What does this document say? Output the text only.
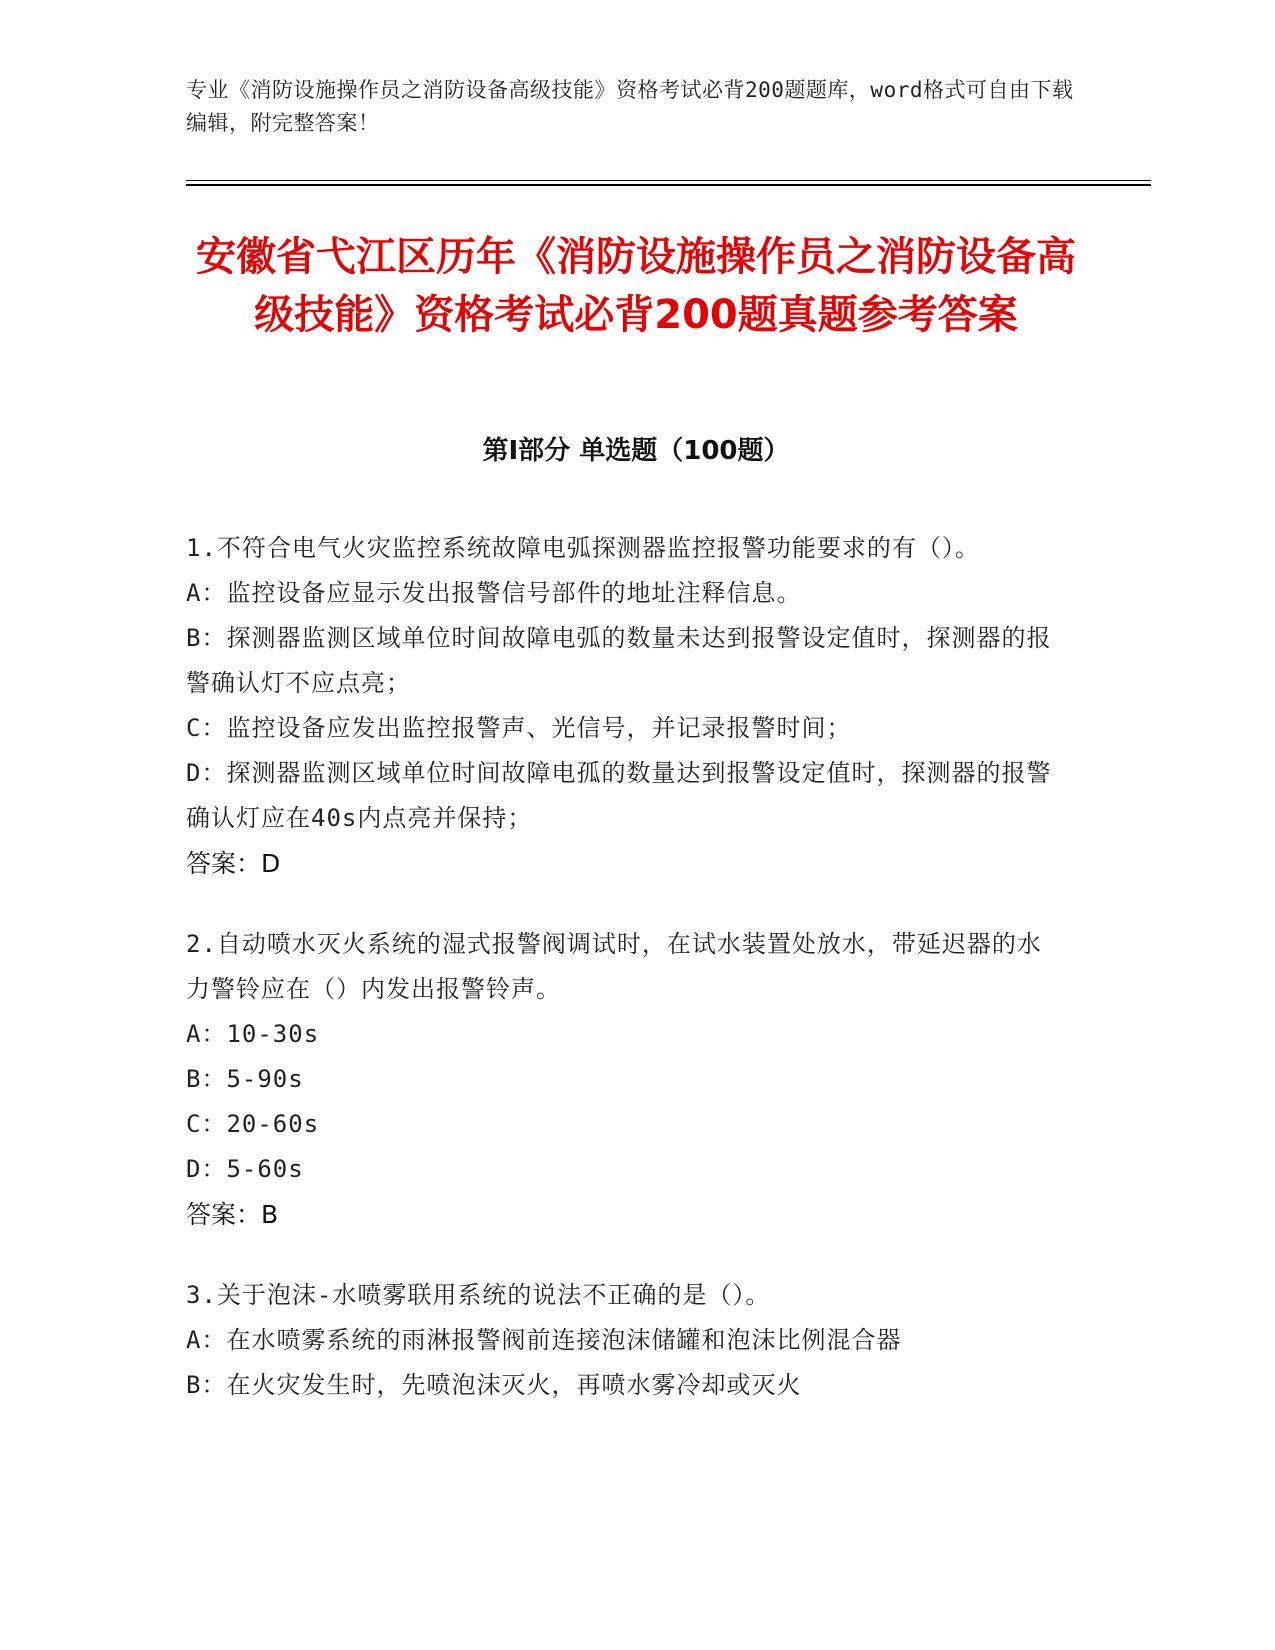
专业《消防设施操作员之消防设备高级技能》资格考试必背200题题库，word格式可自由下载编辑，附完整答案！
安徽省弋江区历年《消防设施操作员之消防设备高级技能》资格考试必背200题真题参考答案
第I部分 单选题（100题）
1.不符合电气火灾监控系统故障电弧探测器监控报警功能要求的有（）。
A：监控设备应显示发出报警信号部件的地址注释信息。
B：探测器监测区域单位时间故障电弧的数量未达到报警设定值时，探测器的报警确认灯不应点亮；
C：监控设备应发出监控报警声、光信号，并记录报警时间；
D：探测器监测区域单位时间故障电孤的数量达到报警设定值时，探测器的报警确认灯应在40s内点亮并保持；
答案：D
2.自动喷水灭火系统的湿式报警阀调试时，在试水装置处放水，带延迟器的水力警铃应在（）内发出报警铃声。
A：10-30s
B：5-90s
C：20-60s
D：5-60s
答案：B
3.关于泡沫-水喷雾联用系统的说法不正确的是（）。
A：在水喷雾系统的雨淋报警阀前连接泡沫储罐和泡沫比例混合器
B：在火灾发生时，先喷泡沫灭火，再喷水雾冷却或灭火
